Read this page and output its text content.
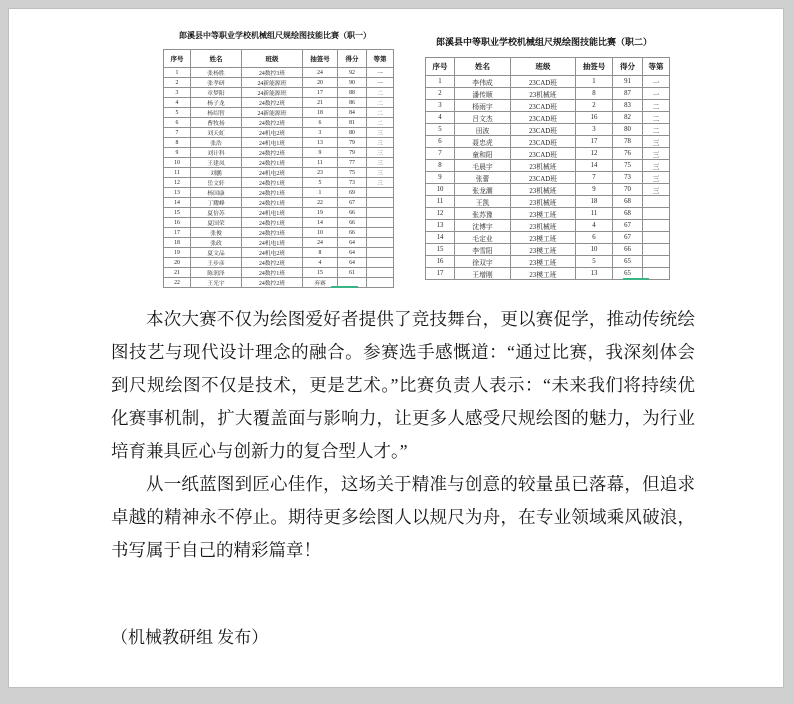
郎溪县中等职业学校机械组尺规绘图技能比赛（职一）
序号	姓名	班级	抽签号	得分	等第
1	张杨胜	24数控3班	24	92	一
2	张孝研	24新能源班	20	90	一
3	章梦阳	24新能源班	17	88	二
4	杨子龙	24数控2班	21	86	二
5	杨绍智	24新能源班	18	84	二
6	曹牧扬	24数控2班	6	81	二
7	刘天虹	24机电2班	3	80	三
8	张浩	24机电1班	13	79	三
9	刘计科	24数控2班	9	79	三
10	王建凤	24数控1班	11	77	三
11	刘鹏	24机电2班	23	75	三
12	岳文轩	24数控1班	5	73	三
13	杨国康	24数控1班	1	69	
14	丁耀峰	24数控1班	22	67	
15	夏倍苏	24机电1班	19	66	
16	夏国荣	24数控1班	14	66	
17	张俊	24数控3班	10	66	
18	张政	24机电1班	24	64	
19	夏文品	24机电2班	8	64	
20	王步彦	24数控2班	4	64	
21	陈润泽	24数控1班	15	61	
22	王光宇	24数控2班	弃赛		
郎溪县中等职业学校机械组尺规绘图技能比赛（职二）
序号	姓名	班级	抽签号	得分	等第
1	李伟成	23CAD班	1	91	一
2	潘传顺	23机械班	8	87	一
3	杨雨宇	23CAD班	2	83	二
4	吕文杰	23CAD班	16	82	二
5	田波	23CAD班	3	80	二
6	聂忠虎	23CAD班	17	78	三
7	童和阳	23CAD班	12	76	三
8	毛晨宇	23机械班	14	75	三
9	张蕾	23CAD班	7	73	三
10	张龙潮	23机械班	9	70	三
11	王凯	23机械班	18	68	
12	张苏豫	23模工班	11	68	
13	沈博宇	23机械班	4	67	
14	毛定业	23模工班	6	67	
15	李雪阳	23模工班	10	66	
16	徐双宇	23模工班	5	65	
17	王增刚	23模工班	13	65	

本次大赛不仅为绘图爱好者提供了竞技舞台，更以赛促学，推动传统绘图技艺与现代设计理念的融合。参赛选手感慨道：“通过比赛，我深刻体会到尺规绘图不仅是技术，更是艺术。”比赛负责人表示：“未来我们将持续优化赛事机制，扩大覆盖面与影响力，让更多人感受尺规绘图的魅力，为行业培育兼具匠心与创新力的复合型人才。”

从一纸蓝图到匠心佳作，这场关于精准与创意的较量虽已落幕，但追求卓越的精神永不停止。期待更多绘图人以规尺为舟，在专业领域乘风破浪，书写属于自己的精彩篇章！

（机械教研组 发布）
